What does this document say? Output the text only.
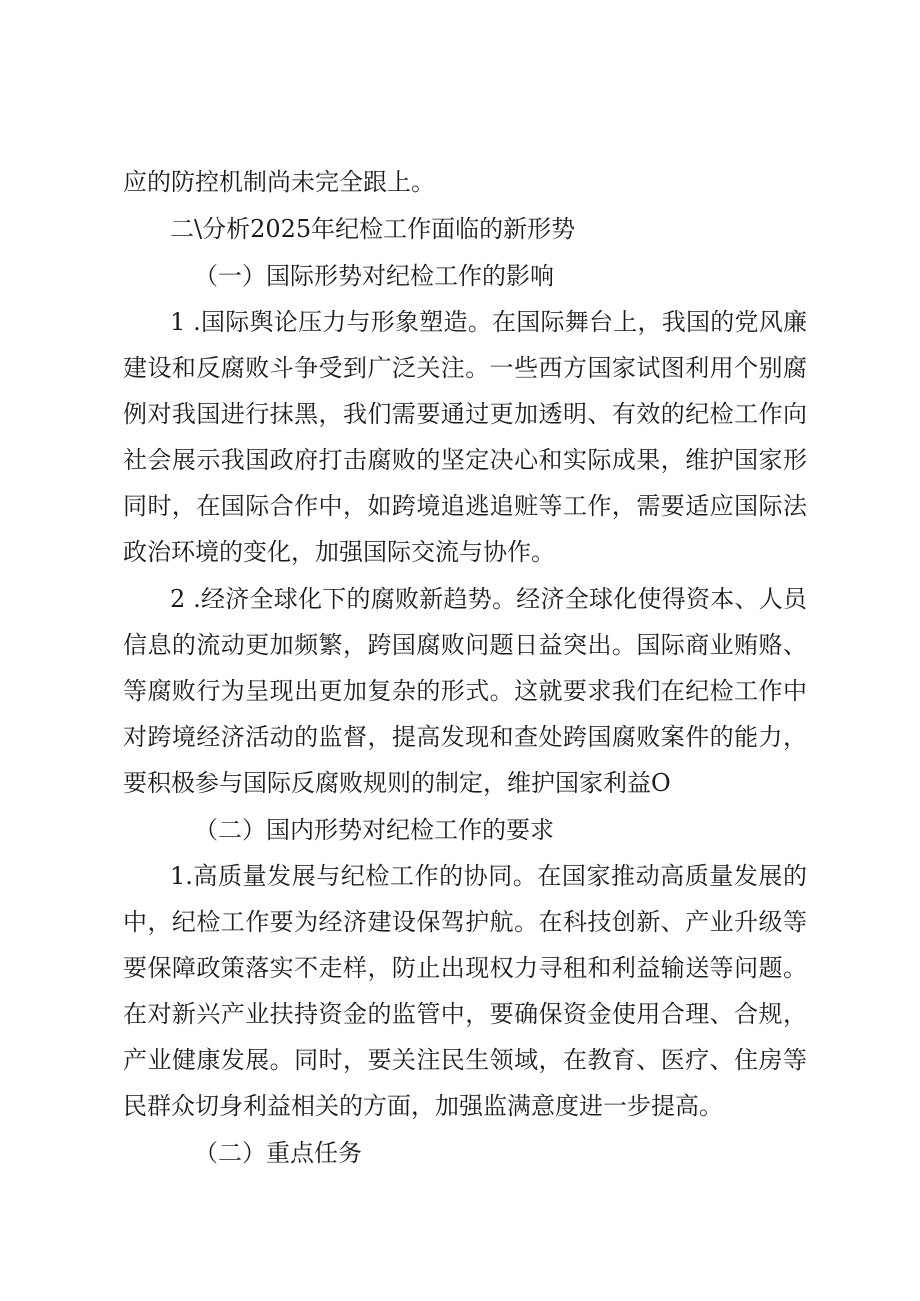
应的防控机制尚未完全跟上。
二\分析2025年纪检工作面临的新形势
（一）国际形势对纪检工作的影响
1 .国际舆论压力与形象塑造。在国际舞台上，我国的党风廉
建设和反腐败斗争受到广泛关注。一些西方国家试图利用个别腐
例对我国进行抹黑，我们需要通过更加透明、有效的纪检工作向
社会展示我国政府打击腐败的坚定决心和实际成果，维护国家形
同时，在国际合作中，如跨境追逃追赃等工作，需要适应国际法
政治环境的变化，加强国际交流与协作。
2 .经济全球化下的腐败新趋势。经济全球化使得资本、人员
信息的流动更加频繁，跨国腐败问题日益突出。国际商业贿赂、
等腐败行为呈现出更加复杂的形式。这就要求我们在纪检工作中
对跨境经济活动的监督，提高发现和查处跨国腐败案件的能力，
要积极参与国际反腐败规则的制定，维护国家利益O
（二）国内形势对纪检工作的要求
1.高质量发展与纪检工作的协同。在国家推动高质量发展的
中，纪检工作要为经济建设保驾护航。在科技创新、产业升级等
要保障政策落实不走样，防止出现权力寻租和利益输送等问题。
在对新兴产业扶持资金的监管中，要确保资金使用合理、合规，
产业健康发展。同时，要关注民生领域，在教育、医疗、住房等
民群众切身利益相关的方面，加强监满意度进一步提高。
（二）重点任务
